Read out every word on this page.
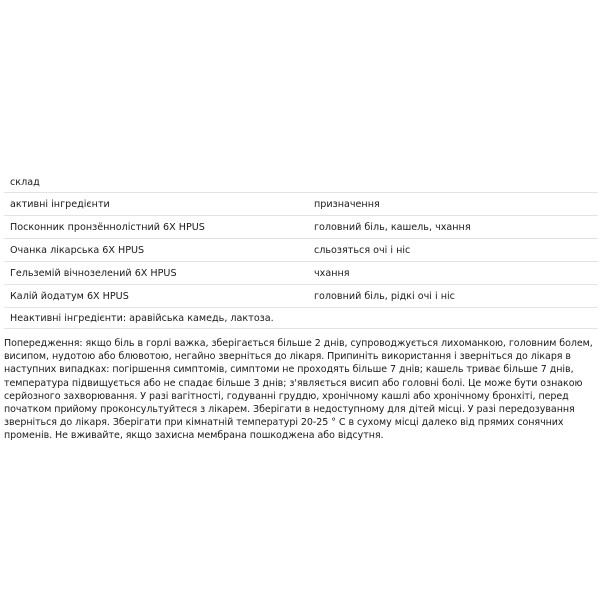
склад	
активні інгредієнти	призначення
Посконник пронзённолістний 6X HPUS	головний біль, кашель, чхання
Очанка лікарська 6X HPUS	сльозяться очі і ніс
Гельземій вічнозелений 6X HPUS	чхання
Калій йодатум 6X HPUS	головний біль, рідкі очі і ніс
Неактивні інгредієнти: аравійська камедь, лактоза.	

Попередження: якщо біль в горлі важка, зберігається більше 2 днів, супроводжується лихоманкою, головним болем, висипом, нудотою або блювотою, негайно зверніться до лікаря. Припиніть використання і зверніться до лікаря в наступних випадках: погіршення симптомів, симптоми не проходять більше 7 днів; кашель триває більше 7 днів, температура підвищується або не спадає більше 3 днів; з'являється висип або головні болі. Це може бути ознакою серйозного захворювання. У разі вагітності, годуванні груддю, хронічному кашлі або хронічному бронхіті, перед початком прийому проконсультуйтеся з лікарем. Зберігати в недоступному для дітей місці. У разі передозування зверніться до лікаря. Зберігати при кімнатній температурі 20-25 ° C в сухому місці далеко від прямих сонячних променів. Не вживайте, якщо захисна мембрана пошкоджена або відсутня.
